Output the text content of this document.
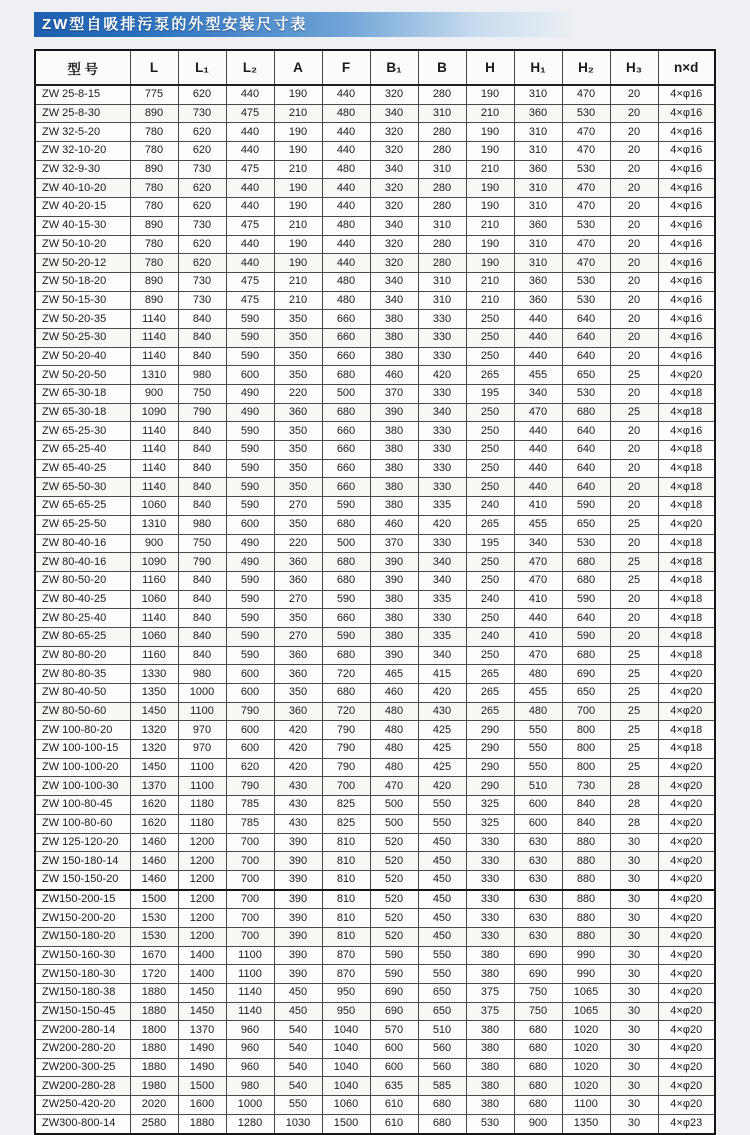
ZW型自吸排污泵的外型安装尺寸表
型 号	L	L₁	L₂	A	F	B₁	B	H	H₁	H₂	H₃	n×d
ZW 25-8-15	775	620	440	190	440	320	280	190	310	470	20	4×φ16
ZW 25-8-30	890	730	475	210	480	340	310	210	360	530	20	4×φ16
ZW 32-5-20	780	620	440	190	440	320	280	190	310	470	20	4×φ16
ZW 32-10-20	780	620	440	190	440	320	280	190	310	470	20	4×φ16
ZW 32-9-30	890	730	475	210	480	340	310	210	360	530	20	4×φ16
ZW 40-10-20	780	620	440	190	440	320	280	190	310	470	20	4×φ16
ZW 40-20-15	780	620	440	190	440	320	280	190	310	470	20	4×φ16
ZW 40-15-30	890	730	475	210	480	340	310	210	360	530	20	4×φ16
ZW 50-10-20	780	620	440	190	440	320	280	190	310	470	20	4×φ16
ZW 50-20-12	780	620	440	190	440	320	280	190	310	470	20	4×φ16
ZW 50-18-20	890	730	475	210	480	340	310	210	360	530	20	4×φ16
ZW 50-15-30	890	730	475	210	480	340	310	210	360	530	20	4×φ16
ZW 50-20-35	1140	840	590	350	660	380	330	250	440	640	20	4×φ16
ZW 50-25-30	1140	840	590	350	660	380	330	250	440	640	20	4×φ16
ZW 50-20-40	1140	840	590	350	660	380	330	250	440	640	20	4×φ16
ZW 50-20-50	1310	980	600	350	680	460	420	265	455	650	25	4×φ20
ZW 65-30-18	900	750	490	220	500	370	330	195	340	530	20	4×φ18
ZW 65-30-18	1090	790	490	360	680	390	340	250	470	680	25	4×φ18
ZW 65-25-30	1140	840	590	350	660	380	330	250	440	640	20	4×φ16
ZW 65-25-40	1140	840	590	350	660	380	330	250	440	640	20	4×φ18
ZW 65-40-25	1140	840	590	350	660	380	330	250	440	640	20	4×φ18
ZW 65-50-30	1140	840	590	350	660	380	330	250	440	640	20	4×φ18
ZW 65-65-25	1060	840	590	270	590	380	335	240	410	590	20	4×φ18
ZW 65-25-50	1310	980	600	350	680	460	420	265	455	650	25	4×φ20
ZW 80-40-16	900	750	490	220	500	370	330	195	340	530	20	4×φ18
ZW 80-40-16	1090	790	490	360	680	390	340	250	470	680	25	4×φ18
ZW 80-50-20	1160	840	590	360	680	390	340	250	470	680	25	4×φ18
ZW 80-40-25	1060	840	590	270	590	380	335	240	410	590	20	4×φ18
ZW 80-25-40	1140	840	590	350	660	380	330	250	440	640	20	4×φ18
ZW 80-65-25	1060	840	590	270	590	380	335	240	410	590	20	4×φ18
ZW 80-80-20	1160	840	590	360	680	390	340	250	470	680	25	4×φ18
ZW 80-80-35	1330	980	600	360	720	465	415	265	480	690	25	4×φ20
ZW 80-40-50	1350	1000	600	350	680	460	420	265	455	650	25	4×φ20
ZW 80-50-60	1450	1100	790	360	720	480	430	265	480	700	25	4×φ20
ZW 100-80-20	1320	970	600	420	790	480	425	290	550	800	25	4×φ18
ZW 100-100-15	1320	970	600	420	790	480	425	290	550	800	25	4×φ18
ZW 100-100-20	1450	1100	620	420	790	480	425	290	550	800	25	4×φ20
ZW 100-100-30	1370	1100	790	430	700	470	420	290	510	730	28	4×φ20
ZW 100-80-45	1620	1180	785	430	825	500	550	325	600	840	28	4×φ20
ZW 100-80-60	1620	1180	785	430	825	500	550	325	600	840	28	4×φ20
ZW 125-120-20	1460	1200	700	390	810	520	450	330	630	880	30	4×φ20
ZW 150-180-14	1460	1200	700	390	810	520	450	330	630	880	30	4×φ20
ZW 150-150-20	1460	1200	700	390	810	520	450	330	630	880	30	4×φ20
ZW150-200-15	1500	1200	700	390	810	520	450	330	630	880	30	4×φ20
ZW150-200-20	1530	1200	700	390	810	520	450	330	630	880	30	4×φ20
ZW150-180-20	1530	1200	700	390	810	520	450	330	630	880	30	4×φ20
ZW150-160-30	1670	1400	1100	390	870	590	550	380	690	990	30	4×φ20
ZW150-180-30	1720	1400	1100	390	870	590	550	380	690	990	30	4×φ20
ZW150-180-38	1880	1450	1140	450	950	690	650	375	750	1065	30	4×φ20
ZW150-150-45	1880	1450	1140	450	950	690	650	375	750	1065	30	4×φ20
ZW200-280-14	1800	1370	960	540	1040	570	510	380	680	1020	30	4×φ20
ZW200-280-20	1880	1490	960	540	1040	600	560	380	680	1020	30	4×φ20
ZW200-300-25	1880	1490	960	540	1040	600	560	380	680	1020	30	4×φ20
ZW200-280-28	1980	1500	980	540	1040	635	585	380	680	1020	30	4×φ20
ZW250-420-20	2020	1600	1000	550	1060	610	680	380	680	1100	30	4×φ20
ZW300-800-14	2580	1880	1280	1030	1500	610	680	530	900	1350	30	4×φ23
